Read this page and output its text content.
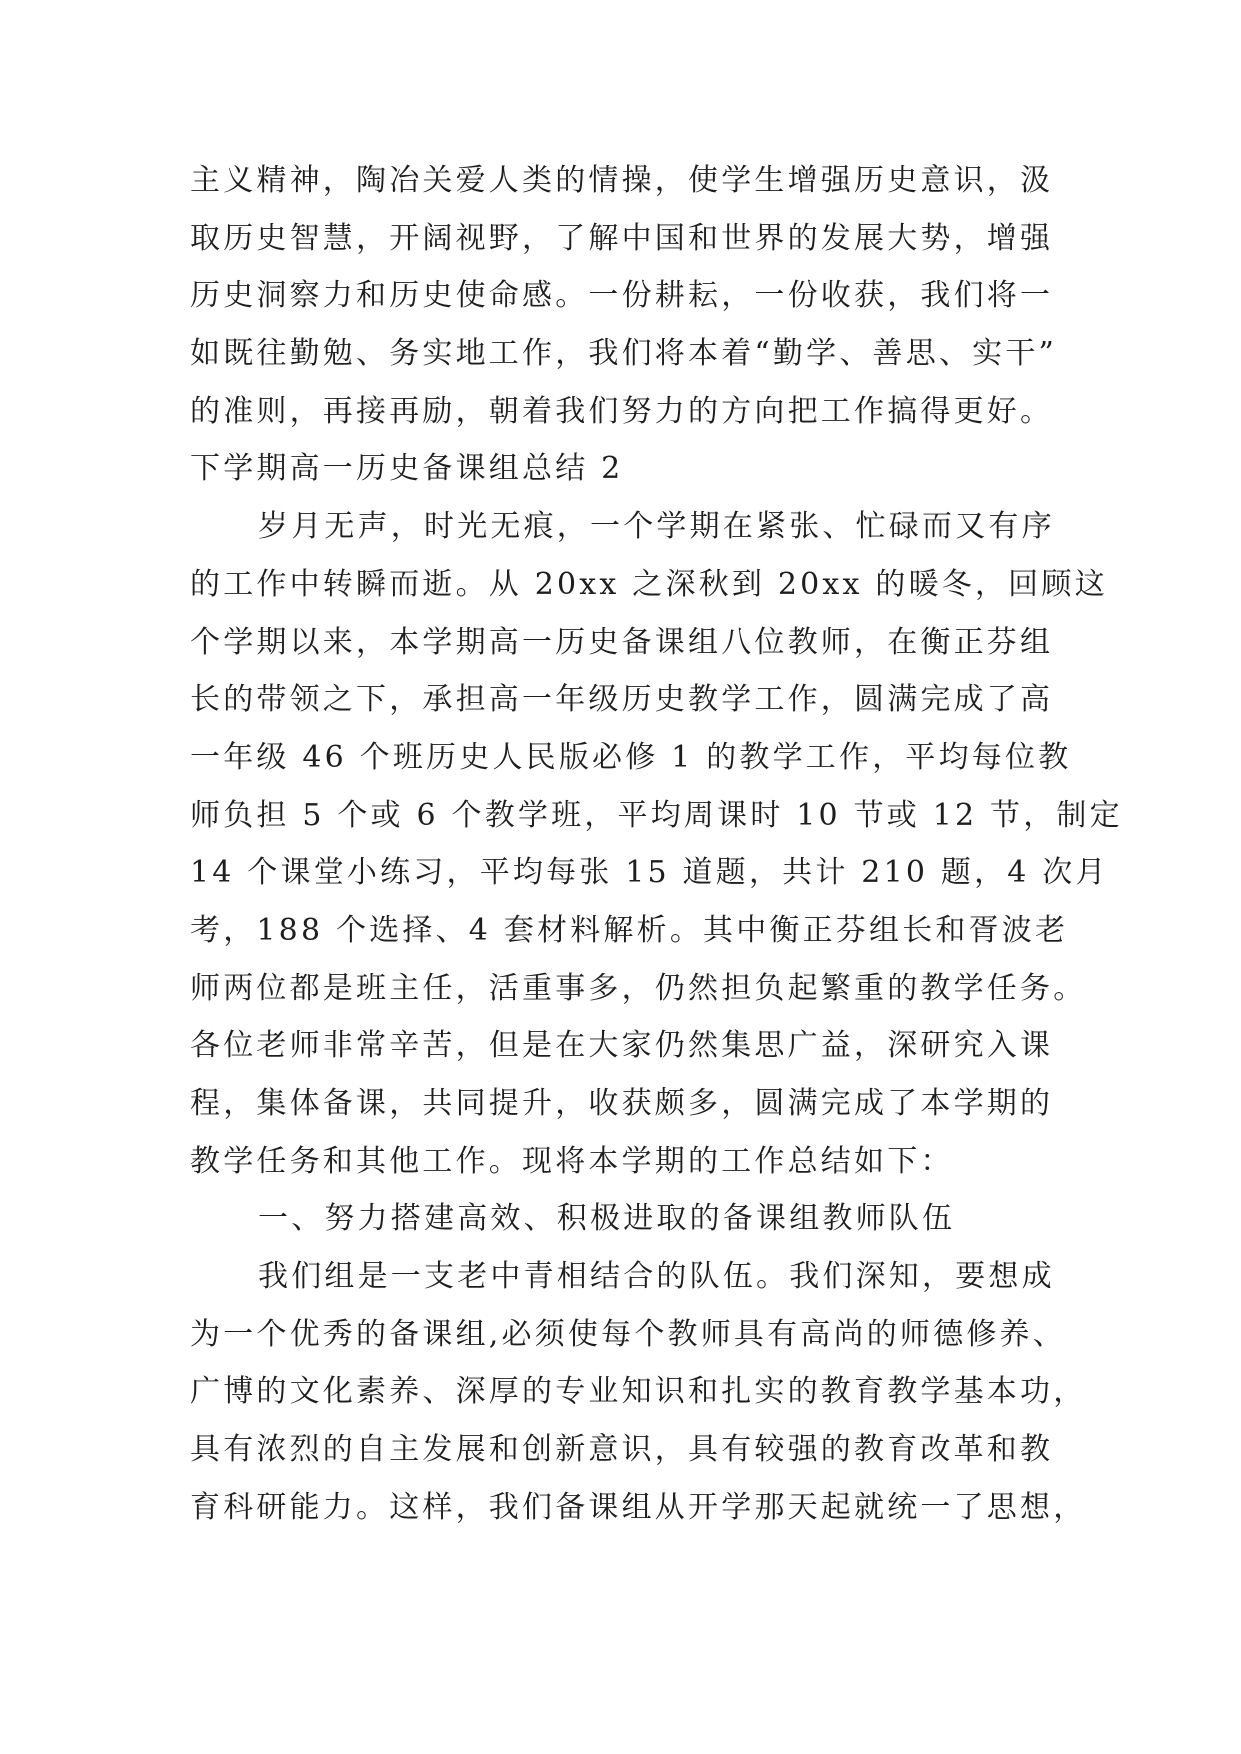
主义精神，陶冶关爱人类的情操，使学生增强历史意识，汲
取历史智慧，开阔视野，了解中国和世界的发展大势，增强
历史洞察力和历史使命感。一份耕耘，一份收获，我们将一
如既往勤勉、务实地工作，我们将本着“勤学、善思、实干”
的准则，再接再励，朝着我们努力的方向把工作搞得更好。
下学期高一历史备课组总结 2
岁月无声，时光无痕，一个学期在紧张、忙碌而又有序
的工作中转瞬而逝。从 20xx 之深秋到 20xx 的暖冬，回顾这
个学期以来，本学期高一历史备课组八位教师，在衡正芬组
长的带领之下，承担高一年级历史教学工作，圆满完成了高
一年级 46 个班历史人民版必修 1 的教学工作，平均每位教
师负担 5 个或 6 个教学班，平均周课时 10 节或 12 节，制定
14 个课堂小练习，平均每张 15 道题，共计 210 题，4 次月
考，188 个选择、4 套材料解析。其中衡正芬组长和胥波老
师两位都是班主任，活重事多，仍然担负起繁重的教学任务。
各位老师非常辛苦，但是在大家仍然集思广益，深研究入课
程，集体备课，共同提升，收获颇多，圆满完成了本学期的
教学任务和其他工作。现将本学期的工作总结如下：
一、努力搭建高效、积极进取的备课组教师队伍
我们组是一支老中青相结合的队伍。我们深知，要想成
为一个优秀的备课组,必须使每个教师具有高尚的师德修养、
广博的文化素养、深厚的专业知识和扎实的教育教学基本功，
具有浓烈的自主发展和创新意识，具有较强的教育改革和教
育科研能力。这样，我们备课组从开学那天起就统一了思想，
